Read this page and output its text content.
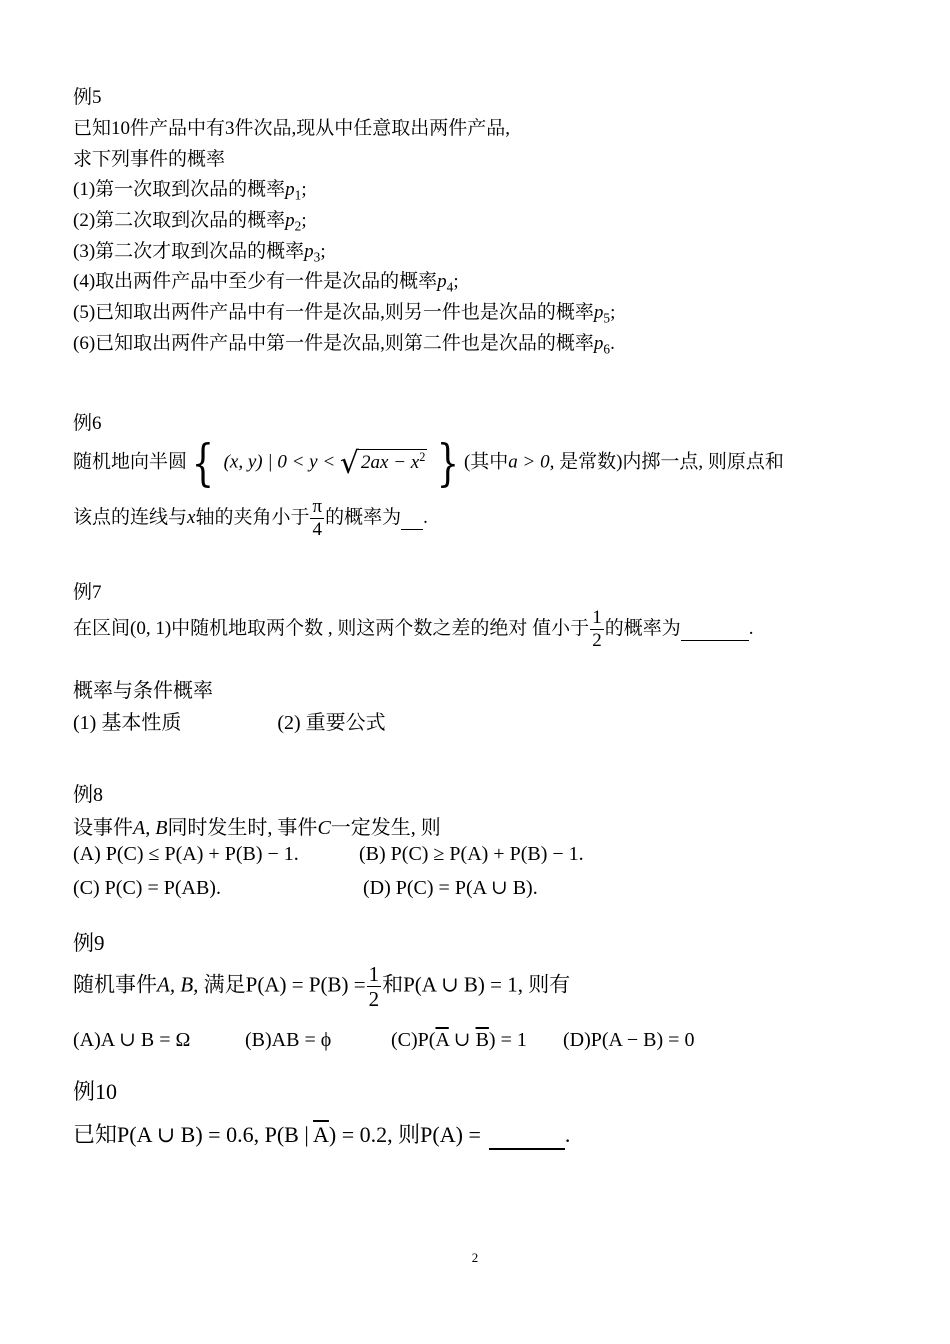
例5
已知10件产品中有3件次品,现从中任意取出两件产品,
求下列事件的概率
(1)第一次取到次品的概率$p_1$;
(2)第二次取到次品的概率$p_2$;
(3)第二次才取到次品的概率$p_3$;
(4)取出两件产品中至少有一件是次品的概率$p_4$;
(5)已知取出两件产品中有一件是次品,则另一件也是次品的概率$p_5$;
(6)已知取出两件产品中第一件是次品,则第二件也是次品的概率$p_6$.
例6
随机地向半圆{ (x, y) | 0 < y < √ $2ax - x^2$ } (其中a > 0, 是常数)内掷一点, 则原点和
该点的连线与x轴的夹角小于 $\frac{\pi}{4}$ 的概率为 .
例7
在区间(0, 1)中随机地取两个数 , 则这两个数之差的绝对 值小于 $\frac{1}{2}$ 的概率为	.
概率与条件概率
(1) 基本性质	(2) 重要公式
例8
设事件A, B同时发生时, 事件C一定发生, 则
(A) P(C) ≤ P(A) + P(B) − 1.	(B) P(C) ≥ P(A) + P(B) − 1.
(C) P(C) = P(AB).	(D) P(C) = P(A ∪ B).
例9
随机事件A, B, 满足$P(A) = P(B) = \frac{1}{2}$ 和P(A ∪ B) = 1, 则有
(A)A ∪ B = Ω	(B)AB = ϕ	$(C)P(\overline{A}$ ∪ $\overline{B}) = 1$ (D)P(A − B) = 0
例10
已知P(A ∪ B) = 0.6, P(B | $\overline{A}) = 0.2$, 则P(A) =	.
2
